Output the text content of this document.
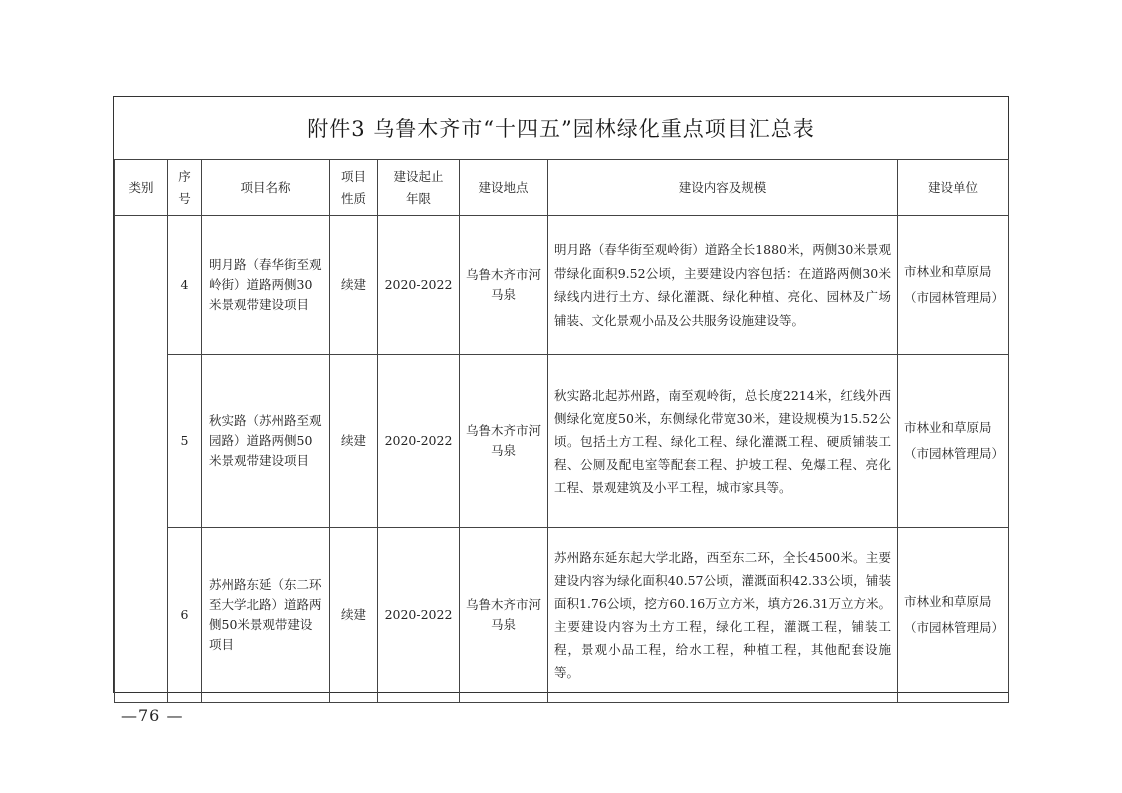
附件3 乌鲁木齐市“十四五”园林绿化重点项目汇总表
类别	序号	项目名称	项目性质	建设起止年限	建设地点	建设内容及规模	建设单位
	4	明月路（春华街至观岭街）道路两侧30米景观带建设项目	续建	2020-2022	乌鲁木齐市河马泉	明月路（春华街至观岭街）道路全长1880米，两侧30米景观带绿化面积9.52公顷，主要建设内容包括：在道路两侧30米绿线内进行土方、绿化灌溉、绿化种植、亮化、园林及广场铺装、文化景观小品及公共服务设施建设等。	市林业和草原局（市园林管理局）
	5	秋实路（苏州路至观园路）道路两侧50米景观带建设项目	续建	2020-2022	乌鲁木齐市河马泉	秋实路北起苏州路，南至观岭街，总长度2214米，红线外西侧绿化宽度50米，东侧绿化带宽30米，建设规模为15.52公顷。包括土方工程、绿化工程、绿化灌溉工程、硬质铺装工程、公厕及配电室等配套工程、护坡工程、免爆工程、亮化工程、景观建筑及小平工程，城市家具等。	市林业和草原局（市园林管理局）
	6	苏州路东延（东二环至大学北路）道路两侧50米景观带建设项目	续建	2020-2022	乌鲁木齐市河马泉	苏州路东延东起大学北路，西至东二环，全长4500米。主要建设内容为绿化面积40.57公顷，灌溉面积42.33公顷，铺装面积1.76公顷，挖方60.16万立方米，填方26.31万立方米。主要建设内容为土方工程，绿化工程，灌溉工程，铺装工程，景观小品工程，给水工程，种植工程，其他配套设施等。	市林业和草原局（市园林管理局）
—76 —
